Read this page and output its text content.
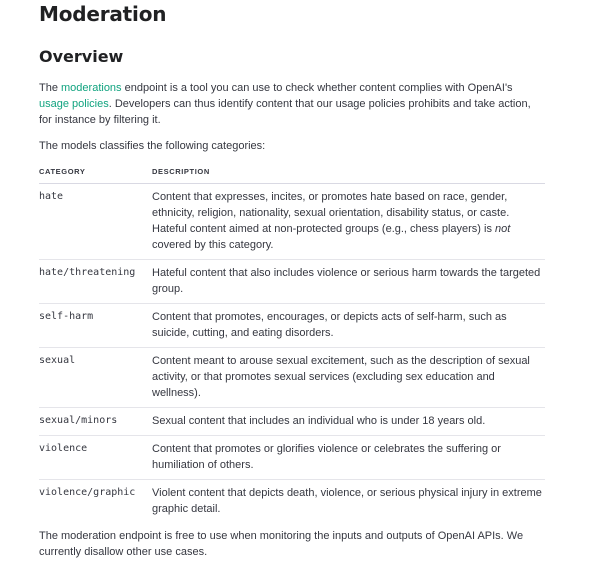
Moderation
Overview

The moderations endpoint is a tool you can use to check whether content complies with OpenAI's usage policies. Developers can thus identify content that our usage policies prohibits and take action, for instance by filtering it.

The models classifies the following categories:

CATEGORY	DESCRIPTION
hate	Content that expresses, incites, or promotes hate based on race, gender, ethnicity, religion, nationality, sexual orientation, disability status, or caste. Hateful content aimed at non-protected groups (e.g., chess players) is not covered by this category.
hate/threatening	Hateful content that also includes violence or serious harm towards the targeted group.
self-harm	Content that promotes, encourages, or depicts acts of self-harm, such as suicide, cutting, and eating disorders.
sexual	Content meant to arouse sexual excitement, such as the description of sexual activity, or that promotes sexual services (excluding sex education and wellness).
sexual/minors	Sexual content that includes an individual who is under 18 years old.
violence	Content that promotes or glorifies violence or celebrates the suffering or humiliation of others.
violence/graphic	Violent content that depicts death, violence, or serious physical injury in extreme graphic detail.

The moderation endpoint is free to use when monitoring the inputs and outputs of OpenAI APIs. We currently disallow other use cases.
